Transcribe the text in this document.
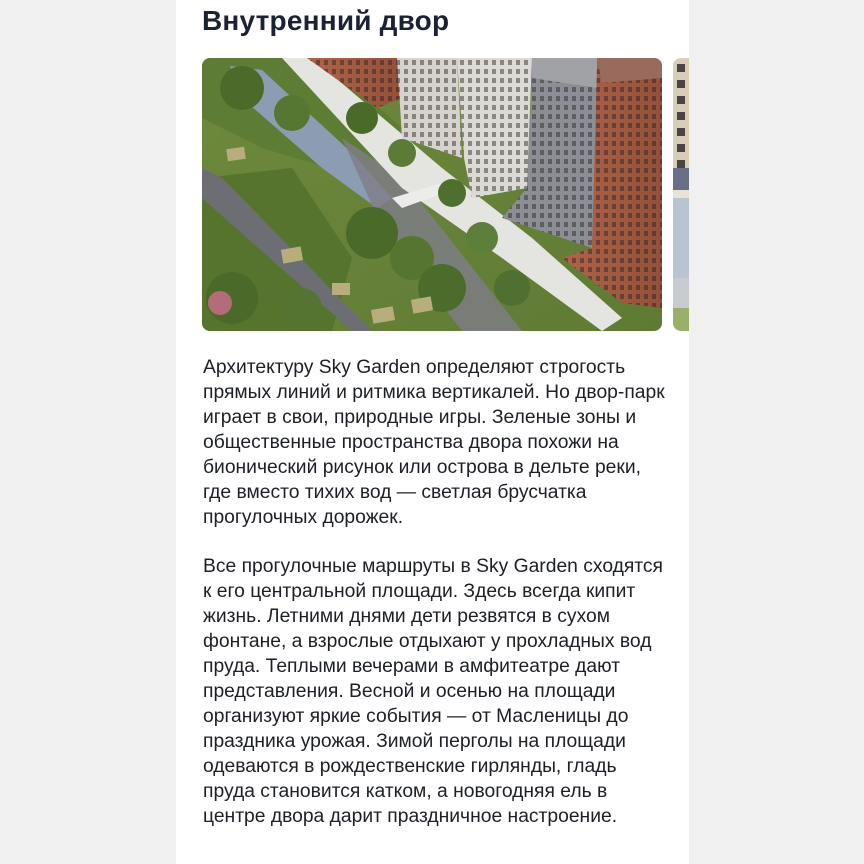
Внутренний двор

Архитектуру Sky Garden определяют строгость прямых линий и ритмика вертикалей. Но двор-парк играет в свои, природные игры. Зеленые зоны и общественные пространства двора похожи на бионический рисунок или острова в дельте реки, где вместо тихих вод — светлая брусчатка прогулочных дорожек.

Все прогулочные маршруты в Sky Garden сходятся к его центральной площади. Здесь всегда кипит жизнь. Летними днями дети резвятся в сухом фонтане, а взрослые отдыхают у прохладных вод пруда. Теплыми вечерами в амфитеатре дают представления. Весной и осенью на площади организуют яркие события — от Масленицы до праздника урожая. Зимой перголы на площади одеваются в рождественские гирлянды, гладь пруда становится катком, а новогодняя ель в центре двора дарит праздничное настроение.
